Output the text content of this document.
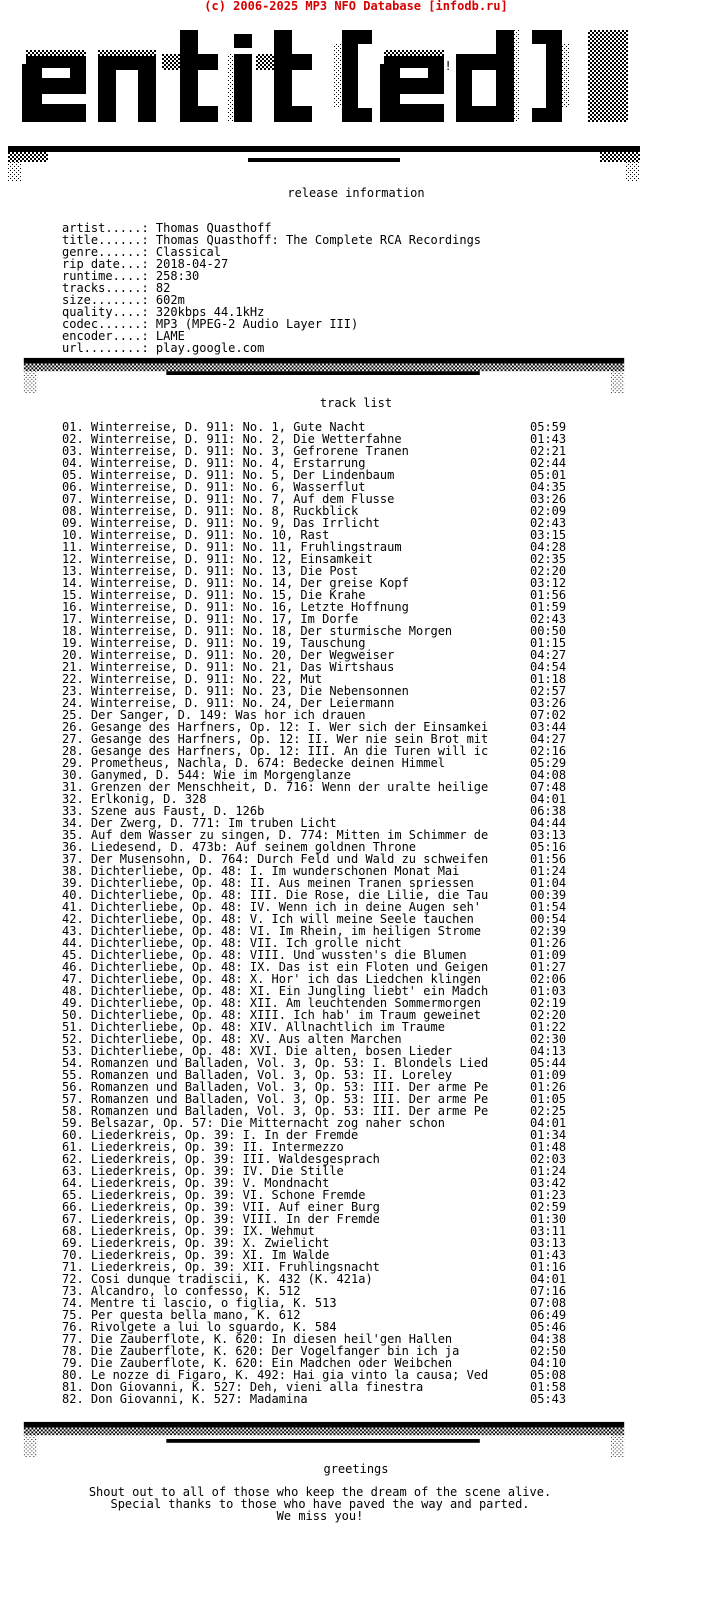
(c) 2006-2025 MP3 NFO Database [infodb.ru]
hX!
release information
artist.....: Thomas Quasthoff
title......: Thomas Quasthoff: The Complete RCA Recordings
genre......: Classical
rip date...: 2018-04-27
runtime....: 258:30
tracks.....: 82
size.......: 602m
quality....: 320kbps 44.1kHz
codec......: MP3 (MPEG-2 Audio Layer III)
encoder....: LAME
url........: play.google.com
track list
01. Winterreise, D. 911: No. 1, Gute Nacht	05:59
02. Winterreise, D. 911: No. 2, Die Wetterfahne	01:43
03. Winterreise, D. 911: No. 3, Gefrorene Tranen	02:21
04. Winterreise, D. 911: No. 4, Erstarrung	02:44
05. Winterreise, D. 911: No. 5, Der Lindenbaum	05:01
06. Winterreise, D. 911: No. 6, Wasserflut	04:35
07. Winterreise, D. 911: No. 7, Auf dem Flusse	03:26
08. Winterreise, D. 911: No. 8, Ruckblick	02:09
09. Winterreise, D. 911: No. 9, Das Irrlicht	02:43
10. Winterreise, D. 911: No. 10, Rast	03:15
11. Winterreise, D. 911: No. 11, Fruhlingstraum	04:28
12. Winterreise, D. 911: No. 12, Einsamkeit	02:35
13. Winterreise, D. 911: No. 13, Die Post	02:20
14. Winterreise, D. 911: No. 14, Der greise Kopf	03:12
15. Winterreise, D. 911: No. 15, Die Krahe	01:56
16. Winterreise, D. 911: No. 16, Letzte Hoffnung	01:59
17. Winterreise, D. 911: No. 17, Im Dorfe	02:43
18. Winterreise, D. 911: No. 18, Der sturmische Morgen	00:50
19. Winterreise, D. 911: No. 19, Tauschung	01:15
20. Winterreise, D. 911: No. 20, Der Wegweiser	04:27
21. Winterreise, D. 911: No. 21, Das Wirtshaus	04:54
22. Winterreise, D. 911: No. 22, Mut	01:18
23. Winterreise, D. 911: No. 23, Die Nebensonnen	02:57
24. Winterreise, D. 911: No. 24, Der Leiermann	03:26
25. Der Sanger, D. 149: Was hor ich drauen	07:02
26. Gesange des Harfners, Op. 12: I. Wer sich der Einsamkei	03:44
27. Gesange des Harfners, Op. 12: II. Wer nie sein Brot mit	04:27
28. Gesange des Harfners, Op. 12: III. An die Turen will ic	02:16
29. Prometheus, Nachla, D. 674: Bedecke deinen Himmel	05:29
30. Ganymed, D. 544: Wie im Morgenglanze	04:08
31. Grenzen der Menschheit, D. 716: Wenn der uralte heilige	07:48
32. Erlkonig, D. 328	04:01
33. Szene aus Faust, D. 126b	06:38
34. Der Zwerg, D. 771: Im truben Licht	04:44
35. Auf dem Wasser zu singen, D. 774: Mitten im Schimmer de	03:13
36. Liedesend, D. 473b: Auf seinem goldnen Throne	05:16
37. Der Musensohn, D. 764: Durch Feld und Wald zu schweifen	01:56
38. Dichterliebe, Op. 48: I. Im wunderschonen Monat Mai	01:24
39. Dichterliebe, Op. 48: II. Aus meinen Tranen spriessen	01:04
40. Dichterliebe, Op. 48: III. Die Rose, die Lilie, die Tau	00:39
41. Dichterliebe, Op. 48: IV. Wenn ich in deine Augen seh'	01:54
42. Dichterliebe, Op. 48: V. Ich will meine Seele tauchen	00:54
43. Dichterliebe, Op. 48: VI. Im Rhein, im heiligen Strome	02:39
44. Dichterliebe, Op. 48: VII. Ich grolle nicht	01:26
45. Dichterliebe, Op. 48: VIII. Und wussten's die Blumen	01:09
46. Dichterliebe, Op. 48: IX. Das ist ein Floten und Geigen	01:27
47. Dichterliebe, Op. 48: X. Hor' ich das Liedchen klingen	02:06
48. Dichterliebe, Op. 48: XI. Ein Jungling liebt' ein Madch	01:03
49. Dichterliebe, Op. 48: XII. Am leuchtenden Sommermorgen	02:19
50. Dichterliebe, Op. 48: XIII. Ich hab' im Traum geweinet	02:20
51. Dichterliebe, Op. 48: XIV. Allnachtlich im Traume	01:22
52. Dichterliebe, Op. 48: XV. Aus alten Marchen	02:30
53. Dichterliebe, Op. 48: XVI. Die alten, bosen Lieder	04:13
54. Romanzen und Balladen, Vol. 3, Op. 53: I. Blondels Lied	05:44
55. Romanzen und Balladen, Vol. 3, Op. 53: II. Loreley	01:09
56. Romanzen und Balladen, Vol. 3, Op. 53: III. Der arme Pe	01:26
57. Romanzen und Balladen, Vol. 3, Op. 53: III. Der arme Pe	01:05
58. Romanzen und Balladen, Vol. 3, Op. 53: III. Der arme Pe	02:25
59. Belsazar, Op. 57: Die Mitternacht zog naher schon	04:01
60. Liederkreis, Op. 39: I. In der Fremde	01:34
61. Liederkreis, Op. 39: II. Intermezzo	01:48
62. Liederkreis, Op. 39: III. Waldesgesprach	02:03
63. Liederkreis, Op. 39: IV. Die Stille	01:24
64. Liederkreis, Op. 39: V. Mondnacht	03:42
65. Liederkreis, Op. 39: VI. Schone Fremde	01:23
66. Liederkreis, Op. 39: VII. Auf einer Burg	02:59
67. Liederkreis, Op. 39: VIII. In der Fremde	01:30
68. Liederkreis, Op. 39: IX. Wehmut	03:11
69. Liederkreis, Op. 39: X. Zwielicht	03:13
70. Liederkreis, Op. 39: XI. Im Walde	01:43
71. Liederkreis, Op. 39: XII. Fruhlingsnacht	01:16
72. Cosi dunque tradiscii, K. 432 (K. 421a)	04:01
73. Alcandro, lo confesso, K. 512	07:16
74. Mentre ti lascio, o figlia, K. 513	07:08
75. Per questa bella mano, K. 612	06:49
76. Rivolgete a lui lo sguardo, K. 584	05:46
77. Die Zauberflote, K. 620: In diesen heil'gen Hallen	04:38
78. Die Zauberflote, K. 620: Der Vogelfanger bin ich ja	02:50
79. Die Zauberflote, K. 620: Ein Madchen oder Weibchen	04:10
80. Le nozze di Figaro, K. 492: Hai gia vinto la causa; Ved	05:08
81. Don Giovanni, K. 527: Deh, vieni alla finestra	01:58
82. Don Giovanni, K. 527: Madamina	05:43
greetings
Shout out to all of those who keep the dream of the scene alive.
Special thanks to those who have paved the way and parted.
We miss you!
